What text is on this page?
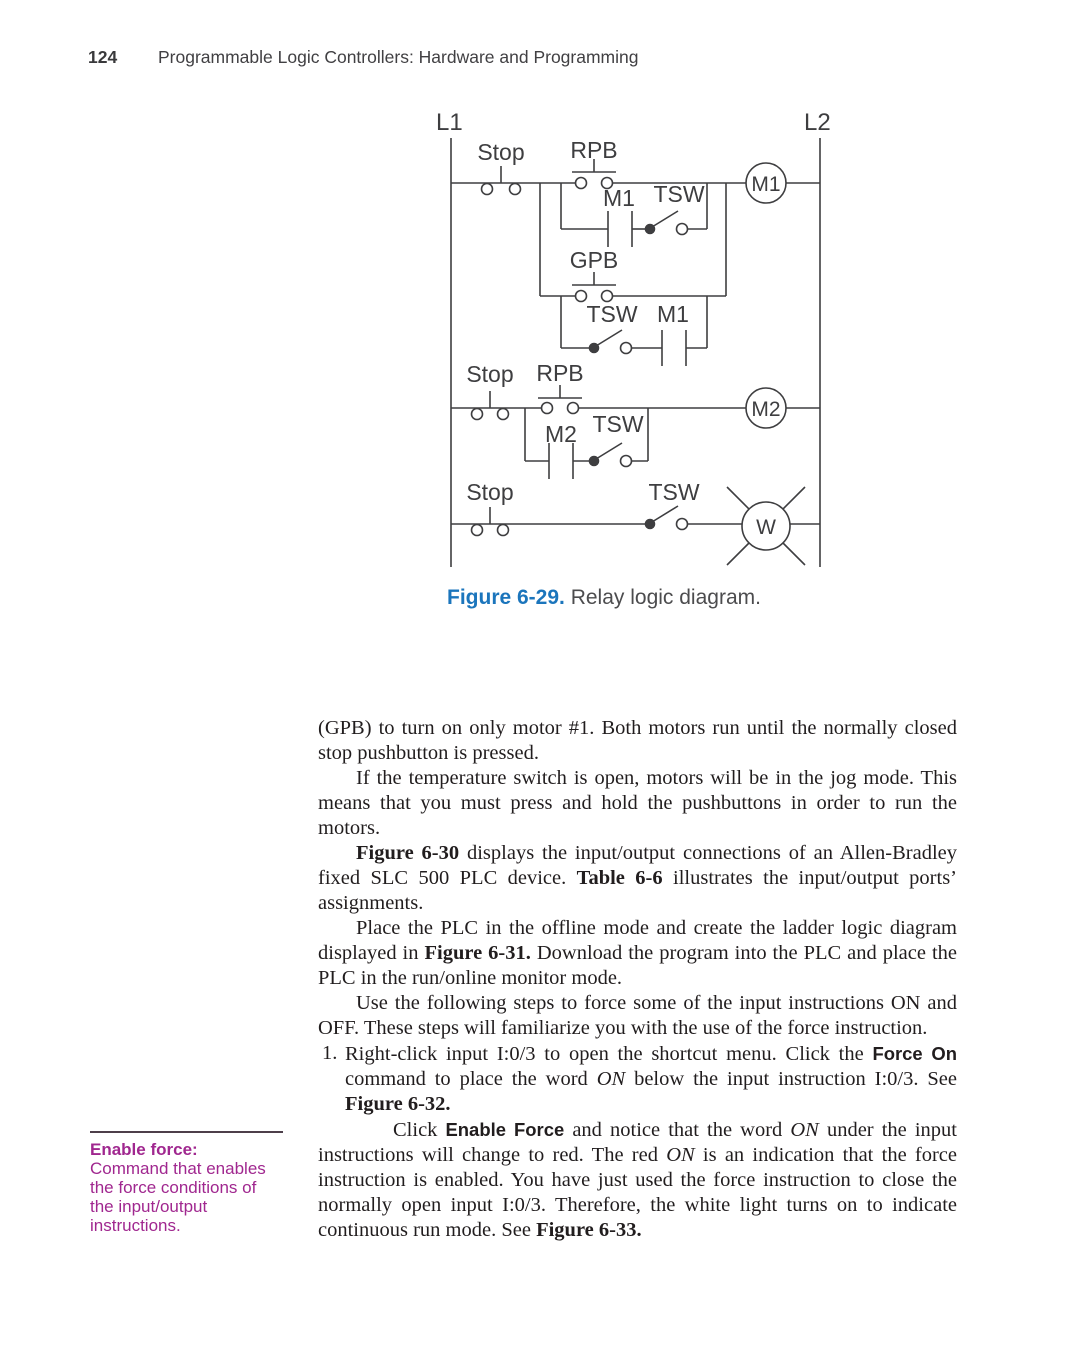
124 Programmable Logic Controllers: Hardware and Programming
L1	L2
Stop RPB
M1 TSW
GPB
TSW M1
Stop RPB
M2 TSW
Stop	TSW
M1
M2
W
Figure 6-29. Relay logic diagram.

(GPB) to turn on only motor #1. Both motors run until the normally closed stop pushbutton is pressed.

If the temperature switch is open, motors will be in the jog mode. This means that you must press and hold the pushbuttons in order to run the motors.

Figure 6-30 displays the input/output connections of an Allen-Bradley fixed SLC 500 PLC device. Table 6-6 illustrates the input/output ports’ assignments.

Place the PLC in the offline mode and create the ladder logic diagram displayed in Figure 6-31. Download the program into the PLC and place the PLC in the run/online monitor mode.

Use the following steps to force some of the input instructions ON and OFF. These steps will familiarize you with the use of the force instruction.

1. Right-click input I:0/3 to open the shortcut menu. Click the Force On command to place the word ON below the input instruction I:0/3. See Figure 6-32.

Click Enable Force and notice that the word ON under the input instructions will change to red. The red ON is an indication that the force instruction is enabled. You have just used the force instruction to close the normally open input I:0/3. Therefore, the white light turns on to indicate continuous run mode. See Figure 6-33.

Enable force:
Command that enables the force conditions of the input/output instructions.
